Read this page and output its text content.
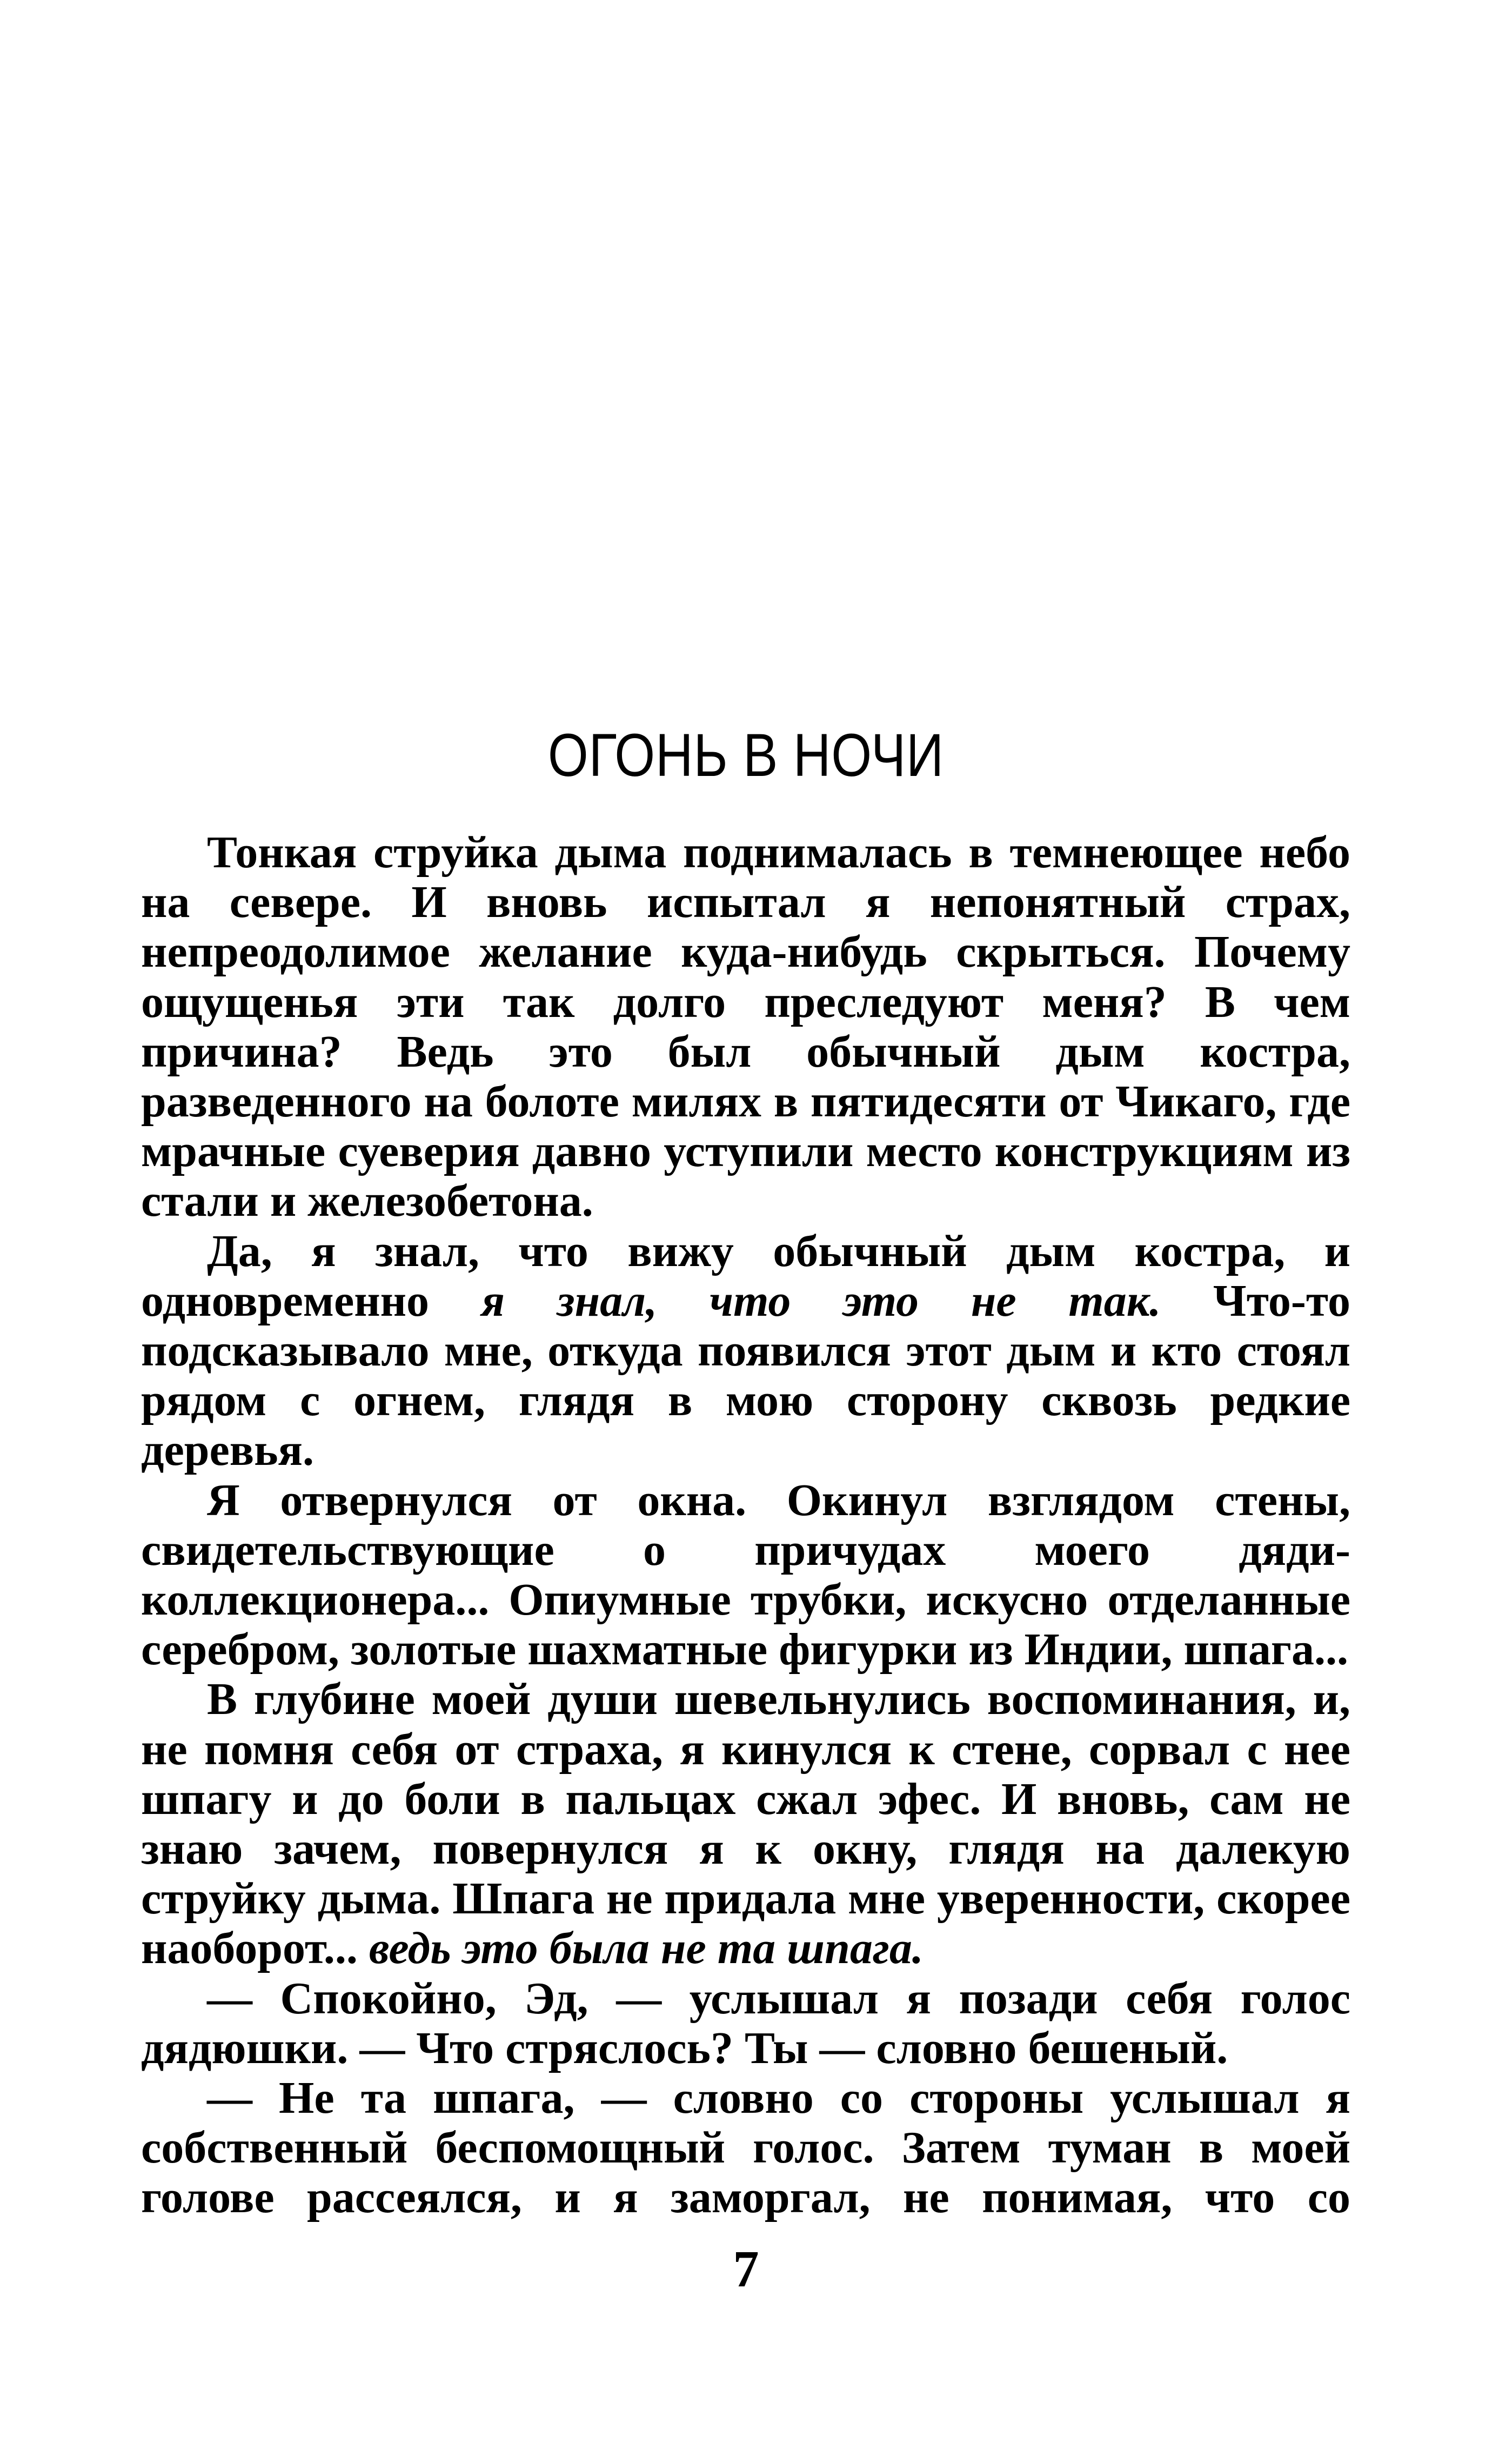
ОГОНЬ В НОЧИ

Тонкая струйка дыма поднималась в темнеющее небо на севере. И вновь испытал я непонятный страх, непреодолимое желание куда-нибудь скрыться. Почему ощущенья эти так долго преследуют меня? В чем причина? Ведь это был обычный дым костра, разведенного на болоте милях в пятидесяти от Чикаго, где мрачные суеверия давно уступили место конструкциям из стали и железобетона.

Да, я знал, что вижу обычный дым костра, и одновременно я знал, что это не так. Что-то подсказывало мне, откуда появился этот дым и кто стоял рядом с огнем, глядя в мою сторону сквозь редкие деревья.

Я отвернулся от окна. Окинул взглядом стены, свидетельствующие о причудах моего дяди-коллекционера... Опиумные трубки, искусно отделанные серебром, золотые шахматные фигурки из Индии, шпага...

В глубине моей души шевельнулись воспоминания, и, не помня себя от страха, я кинулся к стене, сорвал с нее шпагу и до боли в пальцах сжал эфес. И вновь, сам не знаю зачем, повернулся я к окну, глядя на далекую струйку дыма. Шпага не придала мне уверенности, скорее наоборот... ведь это была не та шпага.

— Спокойно, Эд, — услышал я позади себя голос дядюшки. — Что стряслось? Ты — словно бешеный.

— Не та шпага, — словно со стороны услышал я собственный беспомощный голос. Затем туман в моей голове рассеялся, и я заморгал, не понимая, что со

7
